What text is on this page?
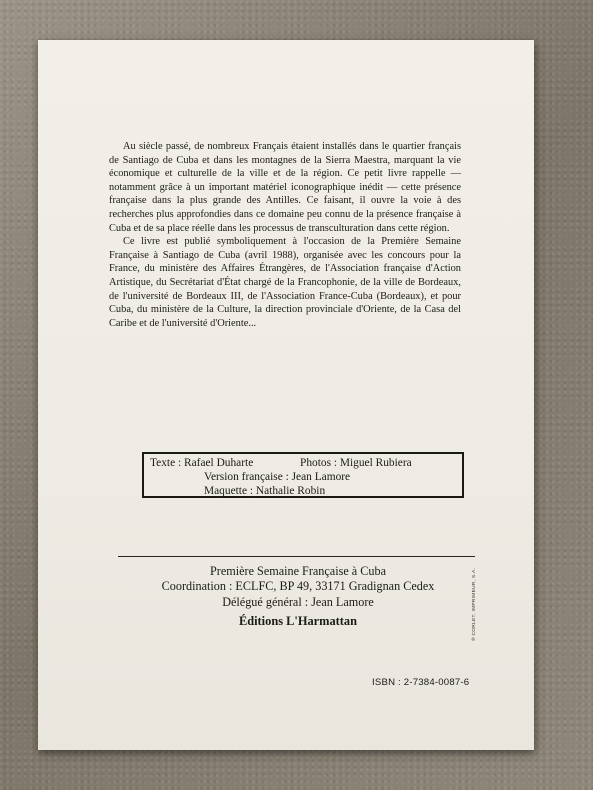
Au siècle passé, de nombreux Français étaient installés dans le quartier français de Santiago de Cuba et dans les montagnes de la Sierra Maestra, marquant la vie économique et culturelle de la ville et de la région. Ce petit livre rappelle — notamment grâce à un important matériel iconographique inédit — cette présence française dans la plus grande des Antilles. Ce faisant, il ouvre la voie à des recherches plus approfondies dans ce domaine peu connu de la présence française à Cuba et de sa place réelle dans les processus de transculturation dans cette région.

Ce livre est publié symboliquement à l'occasion de la Première Semaine Française à Santiago de Cuba (avril 1988), organisée avec les concours pour la France, du ministère des Affaires Étrangères, de l'Association française d'Action Artistique, du Secrétariat d'État chargé de la Francophonie, de la ville de Bordeaux, de l'université de Bordeaux III, de l'Association France-Cuba (Bordeaux), et pour Cuba, du ministère de la Culture, la direction provinciale d'Oriente, de la Casa del Caribe et de l'université d'Oriente...

Texte : Rafael Duharte	Photos : Miguel Rubiera
Version française : Jean Lamore
Maquette : Nathalie Robin
Première Semaine Française à Cuba
Coordination : ECLFC, BP 49, 33171 Gradignan Cedex
Délégué général : Jean Lamore
Éditions L'Harmattan
ISBN : 2-7384-0087-6
® CORLET, IMPRIMEUR, S.A.
